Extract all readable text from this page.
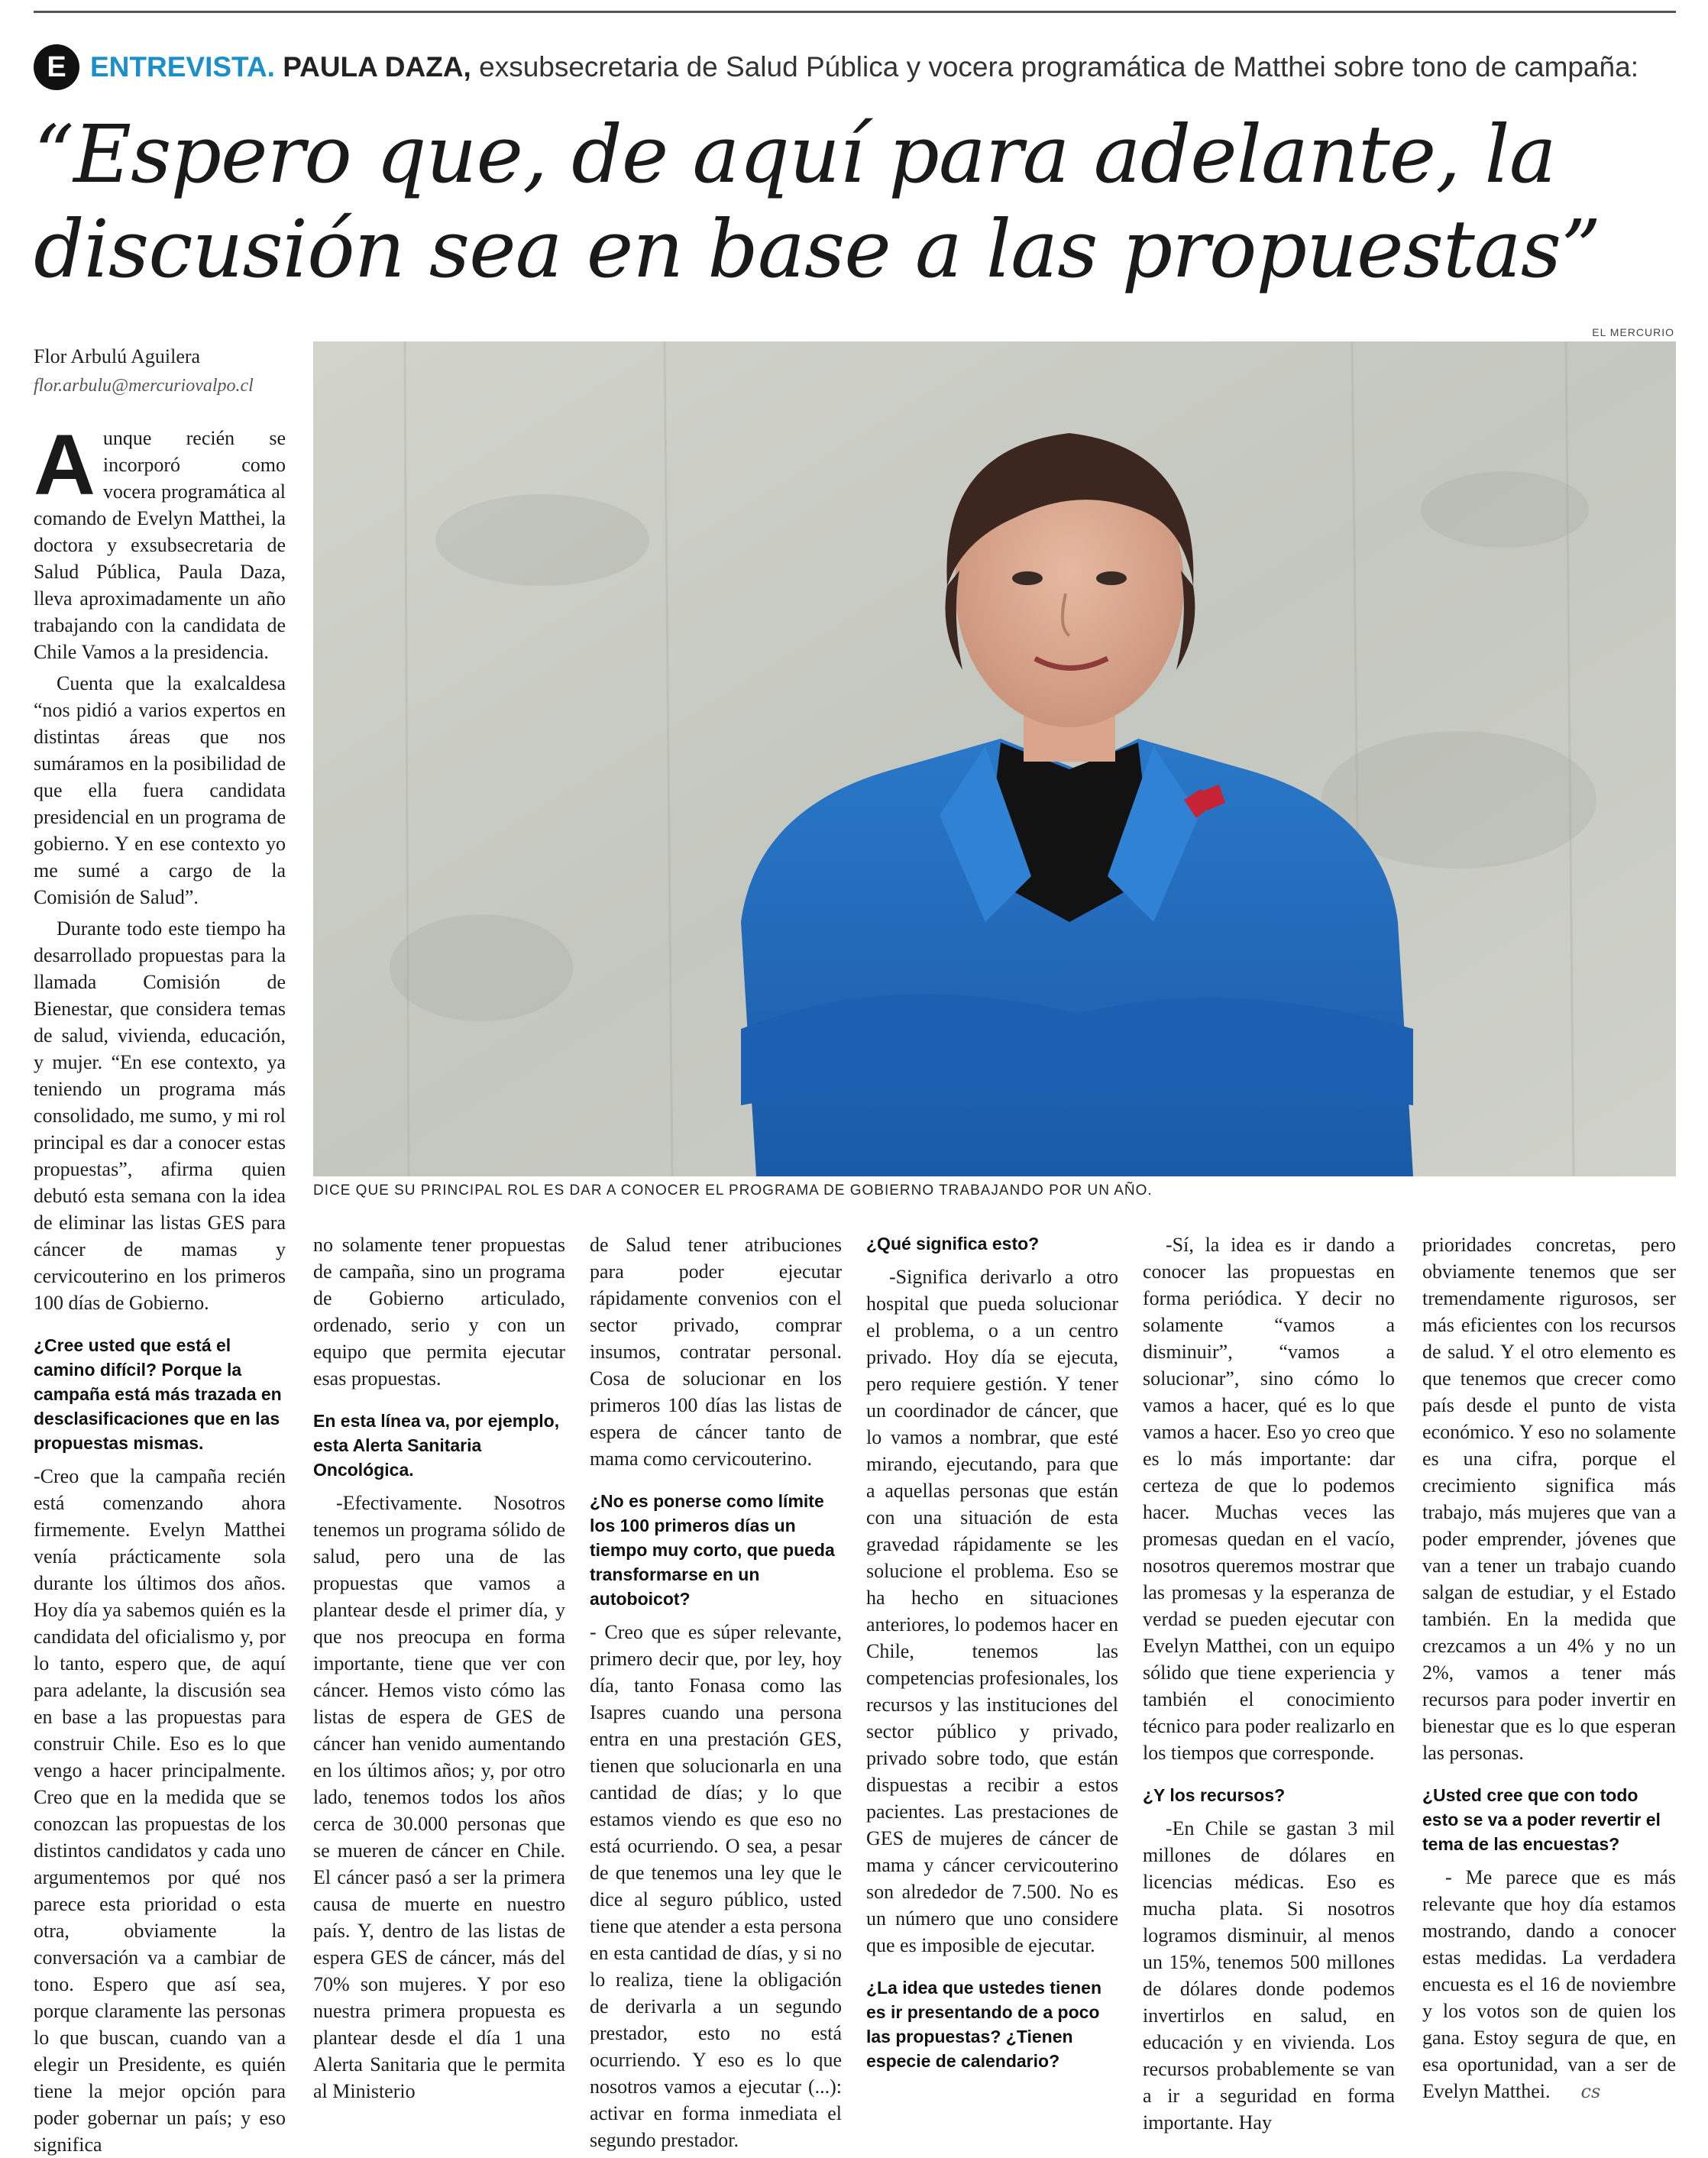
E ENTREVISTA. PAULA DAZA, exsubsecretaria de Salud Pública y vocera programática de Matthei sobre tono de campaña:
“Espero que, de aquí para adelante, la discusión sea en base a las propuestas”
EL MERCURIO
Flor Arbulú Aguilera
flor.arbulu@mercuriovalpo.cl
DICE QUE SU PRINCIPAL ROL ES DAR A CONOCER EL PROGRAMA DE GOBIERNO TRABAJANDO POR UN AÑO.

Aunque recién se incorporó como vocera programática al comando de Evelyn Matthei, la doctora y exsubsecretaria de Salud Pública, Paula Daza, lleva aproximadamente un año trabajando con la candidata de Chile Vamos a la presidencia.

Cuenta que la exalcaldesa “nos pidió a varios expertos en distintas áreas que nos sumáramos en la posibilidad de que ella fuera candidata presidencial en un programa de gobierno. Y en ese contexto yo me sumé a cargo de la Comisión de Salud”.

Durante todo este tiempo ha desarrollado propuestas para la llamada Comisión de Bienestar, que considera temas de salud, vivienda, educación, y mujer. “En ese contexto, ya teniendo un programa más consolidado, me sumo, y mi rol principal es dar a conocer estas propuestas”, afirma quien debutó esta semana con la idea de eliminar las listas GES para cáncer de mamas y cervicouterino en los primeros 100 días de Gobierno.

¿Cree usted que está el camino difícil? Porque la campaña está más trazada en desclasificaciones que en las propuestas mismas.

-Creo que la campaña recién está comenzando ahora firmemente. Evelyn Matthei venía prácticamente sola durante los últimos dos años. Hoy día ya sabemos quién es la candidata del oficialismo y, por lo tanto, espero que, de aquí para adelante, la discusión sea en base a las propuestas para construir Chile. Eso es lo que vengo a hacer principalmente. Creo que en la medida que se conozcan las propuestas de los distintos candidatos y cada uno argumentemos por qué nos parece esta prioridad o esta otra, obviamente la conversación va a cambiar de tono. Espero que así sea, porque claramente las personas lo que buscan, cuando van a elegir un Presidente, es quién tiene la mejor opción para poder gobernar un país; y eso significa

no solamente tener propuestas de campaña, sino un programa de Gobierno articulado, ordenado, serio y con un equipo que permita ejecutar esas propuestas.

En esta línea va, por ejemplo, esta Alerta Sanitaria Oncológica.

-Efectivamente. Nosotros tenemos un programa sólido de salud, pero una de las propuestas que vamos a plantear desde el primer día, y que nos preocupa en forma importante, tiene que ver con cáncer. Hemos visto cómo las listas de espera de GES de cáncer han venido aumentando en los últimos años; y, por otro lado, tenemos todos los años cerca de 30.000 personas que se mueren de cáncer en Chile. El cáncer pasó a ser la primera causa de muerte en nuestro país. Y, dentro de las listas de espera GES de cáncer, más del 70% son mujeres. Y por eso nuestra primera propuesta es plantear desde el día 1 una Alerta Sanitaria que le permita al Ministerio

de Salud tener atribuciones para poder ejecutar rápidamente convenios con el sector privado, comprar insumos, contratar personal. Cosa de solucionar en los primeros 100 días las listas de espera de cáncer tanto de mama como cervicouterino.

¿No es ponerse como límite los 100 primeros días un tiempo muy corto, que pueda transformarse en un autoboicot?

- Creo que es súper relevante, primero decir que, por ley, hoy día, tanto Fonasa como las Isapres cuando una persona entra en una prestación GES, tienen que solucionarla en una cantidad de días; y lo que estamos viendo es que eso no está ocurriendo. O sea, a pesar de que tenemos una ley que le dice al seguro público, usted tiene que atender a esta persona en esta cantidad de días, y si no lo realiza, tiene la obligación de derivarla a un segundo prestador, esto no está ocurriendo. Y eso es lo que nosotros vamos a ejecutar (...): activar en forma inmediata el segundo prestador.

¿Qué significa esto?

-Significa derivarlo a otro hospital que pueda solucionar el problema, o a un centro privado. Hoy día se ejecuta, pero requiere gestión. Y tener un coordinador de cáncer, que lo vamos a nombrar, que esté mirando, ejecutando, para que a aquellas personas que están con una situación de esta gravedad rápidamente se les solucione el problema. Eso se ha hecho en situaciones anteriores, lo podemos hacer en Chile, tenemos las competencias profesionales, los recursos y las instituciones del sector público y privado, privado sobre todo, que están dispuestas a recibir a estos pacientes. Las prestaciones de GES de mujeres de cáncer de mama y cáncer cervicouterino son alrededor de 7.500. No es un número que uno considere que es imposible de ejecutar.

¿La idea que ustedes tienen es ir presentando de a poco las propuestas? ¿Tienen especie de calendario?

-Sí, la idea es ir dando a conocer las propuestas en forma periódica. Y decir no solamente “vamos a disminuir”, “vamos a solucionar”, sino cómo lo vamos a hacer, qué es lo que vamos a hacer. Eso yo creo que es lo más importante: dar certeza de que lo podemos hacer. Muchas veces las promesas quedan en el vacío, nosotros queremos mostrar que las promesas y la esperanza de verdad se pueden ejecutar con Evelyn Matthei, con un equipo sólido que tiene experiencia y también el conocimiento técnico para poder realizarlo en los tiempos que corresponde.

¿Y los recursos?

-En Chile se gastan 3 mil millones de dólares en licencias médicas. Eso es mucha plata. Si nosotros logramos disminuir, al menos un 15%, tenemos 500 millones de dólares donde podemos invertirlos en salud, en educación y en vivienda. Los recursos probablemente se van a ir a seguridad en forma importante. Hay

prioridades concretas, pero obviamente tenemos que ser tremendamente rigurosos, ser más eficientes con los recursos de salud. Y el otro elemento es que tenemos que crecer como país desde el punto de vista económico. Y eso no solamente es una cifra, porque el crecimiento significa más trabajo, más mujeres que van a poder emprender, jóvenes que van a tener un trabajo cuando salgan de estudiar, y el Estado también. En la medida que crezcamos a un 4% y no un 2%, vamos a tener más recursos para poder invertir en bienestar que es lo que esperan las personas.

¿Usted cree que con todo esto se va a poder revertir el tema de las encuestas?

- Me parece que es más relevante que hoy día estamos mostrando, dando a conocer estas medidas. La verdadera encuesta es el 16 de noviembre y los votos son de quien los gana. Estoy segura de que, en esa oportunidad, van a ser de Evelyn Matthei. cs
